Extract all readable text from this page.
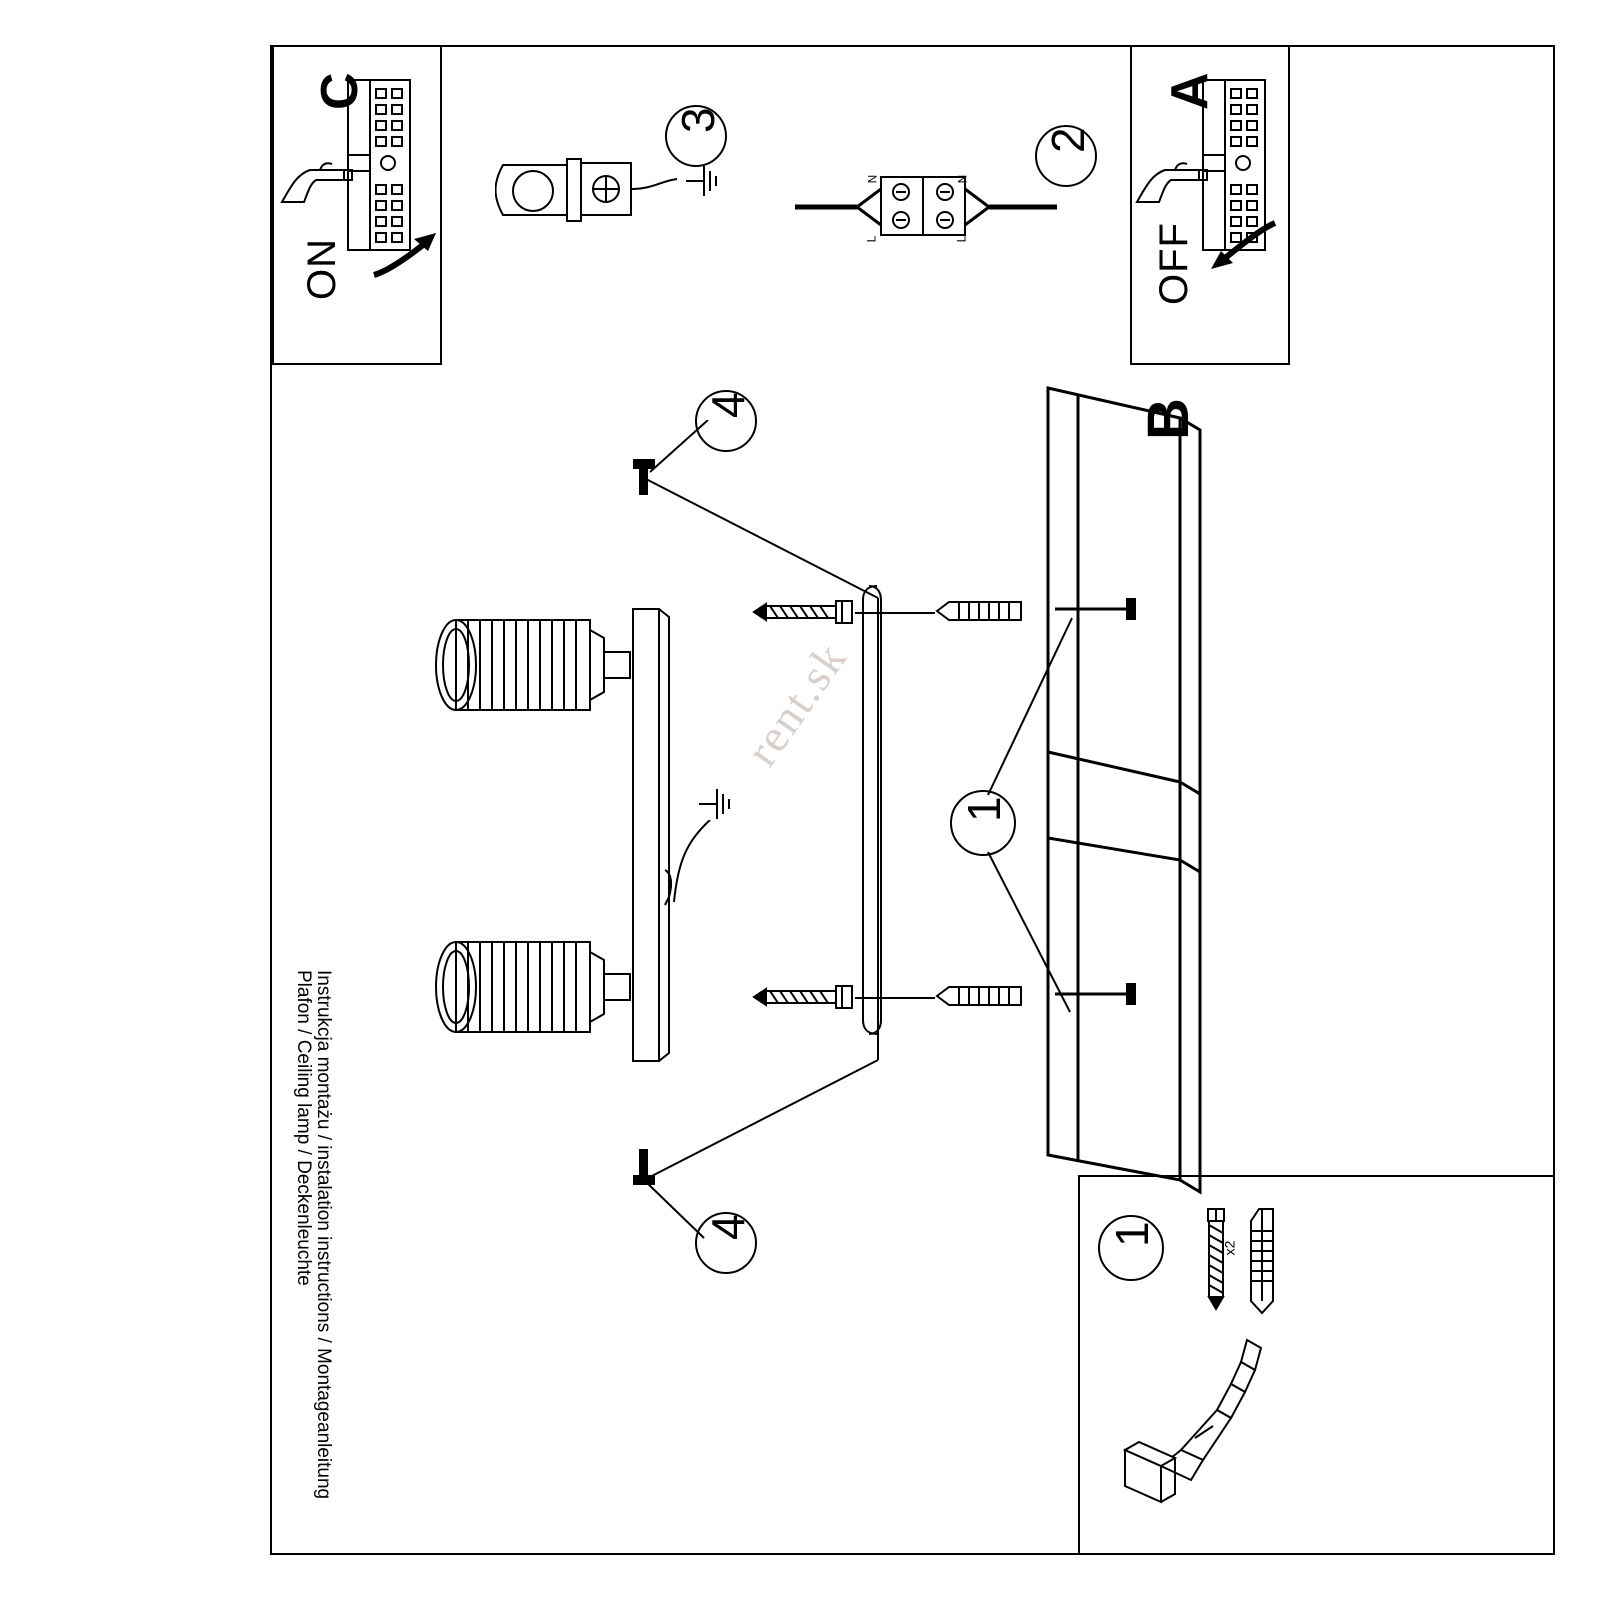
C
ON
A
OFF
2
N
L
N
L
3
B
1
4
4
rent.sk
Instrukcja montażu / instalation instructions / Montageanleitung
Plafon / Ceiling lamp / Deckenleuchte	1
x2
